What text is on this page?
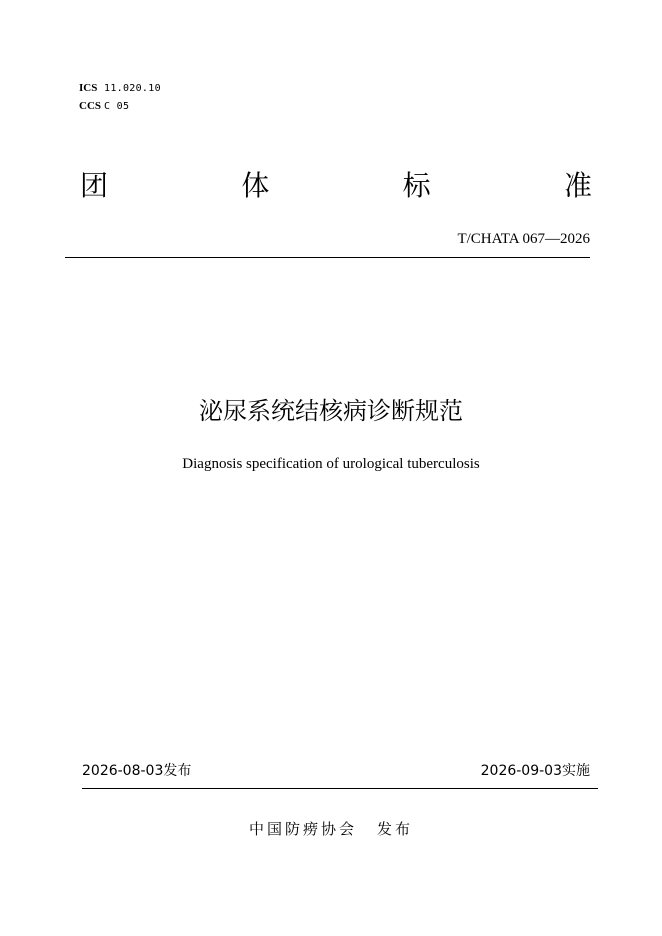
ICS 11.020.10
CCS C 05
团	体	标	准
T/CHATA 067—2026
泌尿系统结核病诊断规范
Diagnosis specification of urological tuberculosis
2026-08-03发布	2026-09-03实施
中国防痨协会 发布
